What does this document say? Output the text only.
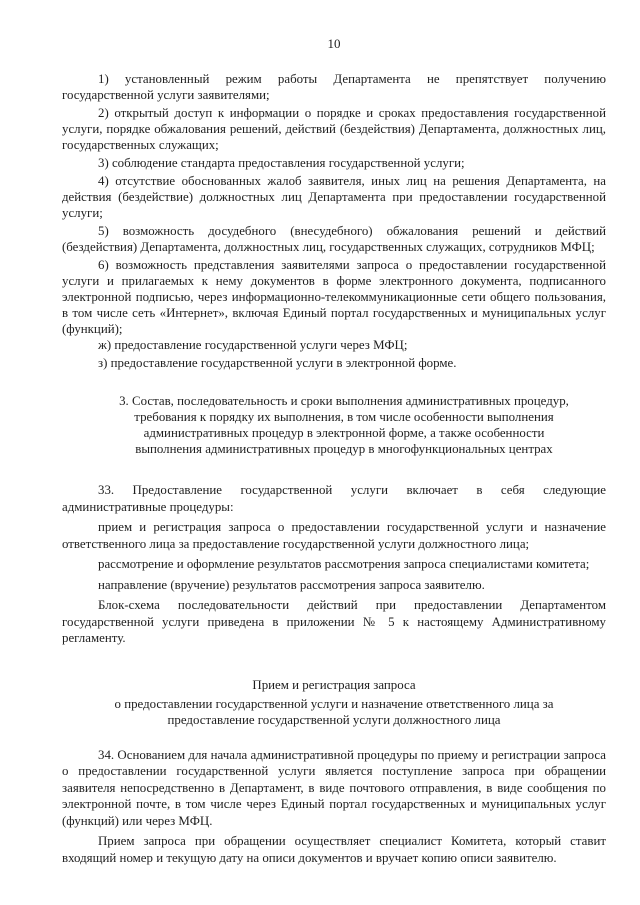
10

1) установленный режим работы Департамента не препятствует получению государственной услуги заявителями;

2) открытый доступ к информации о порядке и сроках предоставления государственной услуги, порядке обжалования решений, действий (бездействия) Департамента, должностных лиц, государственных служащих;

3) соблюдение стандарта предоставления государственной услуги;

4) отсутствие обоснованных жалоб заявителя, иных лиц на решения Департамента, на действия (бездействие) должностных лиц Департамента при предоставлении государственной услуги;

5) возможность досудебного (внесудебного) обжалования решений и действий (бездействия) Департамента, должностных лиц, государственных служащих, сотрудников МФЦ;

6) возможность представления заявителями запроса о предоставлении государственной услуги и прилагаемых к нему документов в форме электронного документа, подписанного электронной подписью, через информационно-телекоммуникационные сети общего пользования, в том числе сеть «Интернет», включая Единый портал государственных и муниципальных услуг (функций);

ж) предоставление государственной услуги через МФЦ;

з) предоставление государственной услуги в электронной форме.

3. Состав, последовательность и сроки выполнения административных процедур,
требования к порядку их выполнения, в том числе особенности выполнения
административных процедур в электронной форме, а также особенности
выполнения административных процедур в многофункциональных центрах

33. Предоставление государственной услуги включает в себя следующие административные процедуры:

прием и регистрация запроса о предоставлении государственной услуги и назначение ответственного лица за предоставление государственной услуги должностного лица;

рассмотрение и оформление результатов рассмотрения запроса специалистами комитета;

направление (вручение) результатов рассмотрения запроса заявителю.

Блок-схема последовательности действий при предоставлении Департаментом государственной услуги приведена в приложении № 5 к настоящему Административному регламенту.

Прием и регистрация запроса
о предоставлении государственной услуги и назначение ответственного лица за
предоставление государственной услуги должностного лица

34. Основанием для начала административной процедуры по приему и регистрации запроса о предоставлении государственной услуги является поступление запроса при обращении заявителя непосредственно в Департамент, в виде почтового отправления, в виде сообщения по электронной почте, в том числе через Единый портал государственных и муниципальных услуг (функций) или через МФЦ.

Прием запроса при обращении осуществляет специалист Комитета, который ставит входящий номер и текущую дату на описи документов и вручает копию описи заявителю.
